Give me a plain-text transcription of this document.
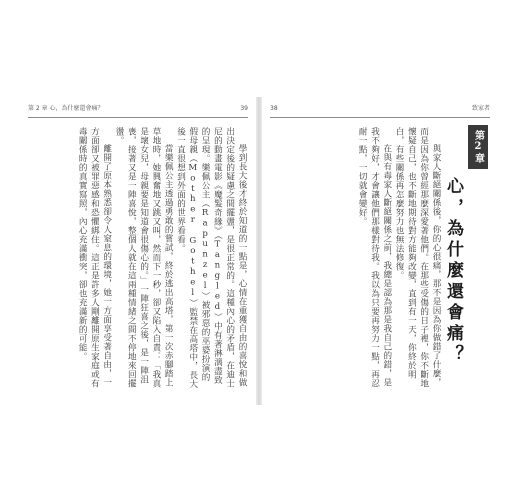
第 2 章 心，為什麼還會痛？	39

學到長大後才終於知道的一點是，心情在重獲自由的喜悅和做出決定後的疑慮之間擺盪，是很正常的。這種內心的矛盾，在迪士尼的動畫電影《魔髮奇緣》（Tangled）中有著淋漓盡致的呈現。樂佩公主（Rapunzel）被邪惡的巫婆扮演的假母親（Mother Gothel）監禁在高塔中，長大後一直很想到外面的世界看看。

當樂佩公主透過勇敢的嘗試，終於逃出高塔，第一次赤腳踏上草地時，她興奮地又跳又叫，然而下一秒，卻又陷入自責：「我真是壞女兒，母親要是知道會很傷心的。」一陣狂喜之後，是一陣沮喪，接著又是一陣喜悅，整個人就在這兩種情緒之間不停地來回擺盪。

離開了原本熟悉卻令人窒息的環境，她一方面享受著自由，一方面卻又被罪惡感和恐懼綁住。這正是許多人剛離開原生家庭或有毒關係時的真實寫照，內心充滿衝突，卻也充滿新的可能。

38	致家者
第2章
心，為什麼還會痛？

與家人斷絕關係後，你的心很痛，那不是因為你做錯了什麼，而是因為你曾經那麼深愛著他們。在那些受傷的日子裡，你不斷地懷疑自己，也不斷地期待對方能夠改變，直到有一天，你終於明白，有些關係再怎麼努力也無法修復。

在與有毒家人斷絕關係之前，我總是認為那是我自己的錯，是我不夠好，才會讓他們那樣對待我。我以為只要再努力一點，再忍耐一點，一切就會變好。
